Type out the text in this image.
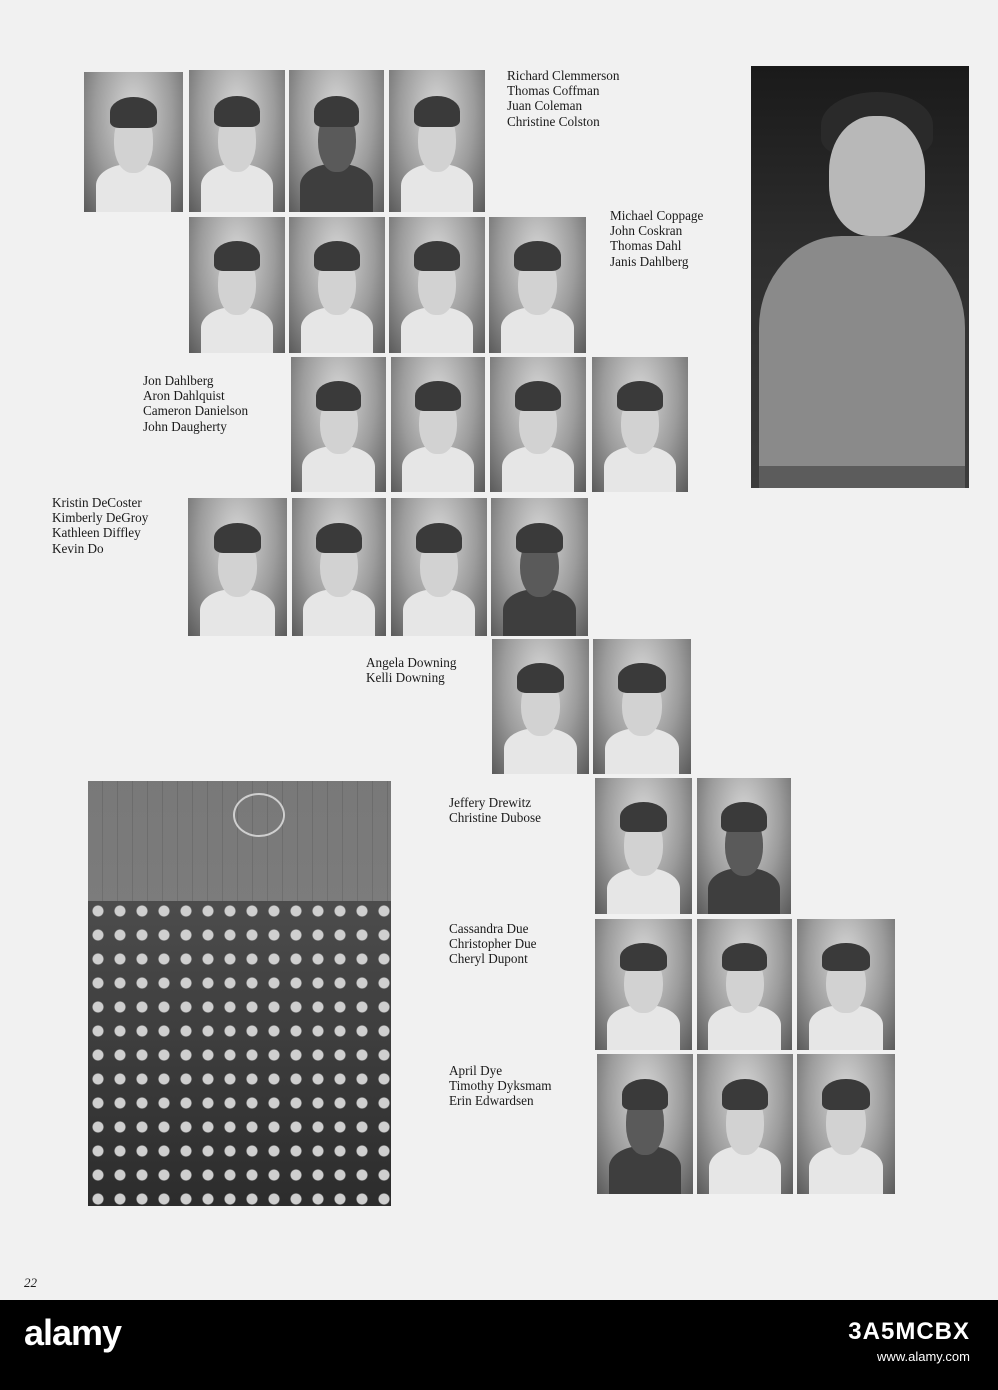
Richard Clemmerson
Thomas Coffman
Juan Coleman
Christine Colston
Michael Coppage
John Coskran
Thomas Dahl
Janis Dahlberg
Jon Dahlberg
Aron Dahlquist
Cameron Danielson
John Daugherty
Kristin DeCoster
Kimberly DeGroy
Kathleen Diffley
Kevin Do
Angela Downing
Kelli Downing
Jeffery Drewitz
Christine Dubose
Cassandra Due
Christopher Due
Cheryl Dupont
April Dye
Timothy Dyksmam
Erin Edwardsen
22
alamy	3A5MCBX
www.alamy.com
